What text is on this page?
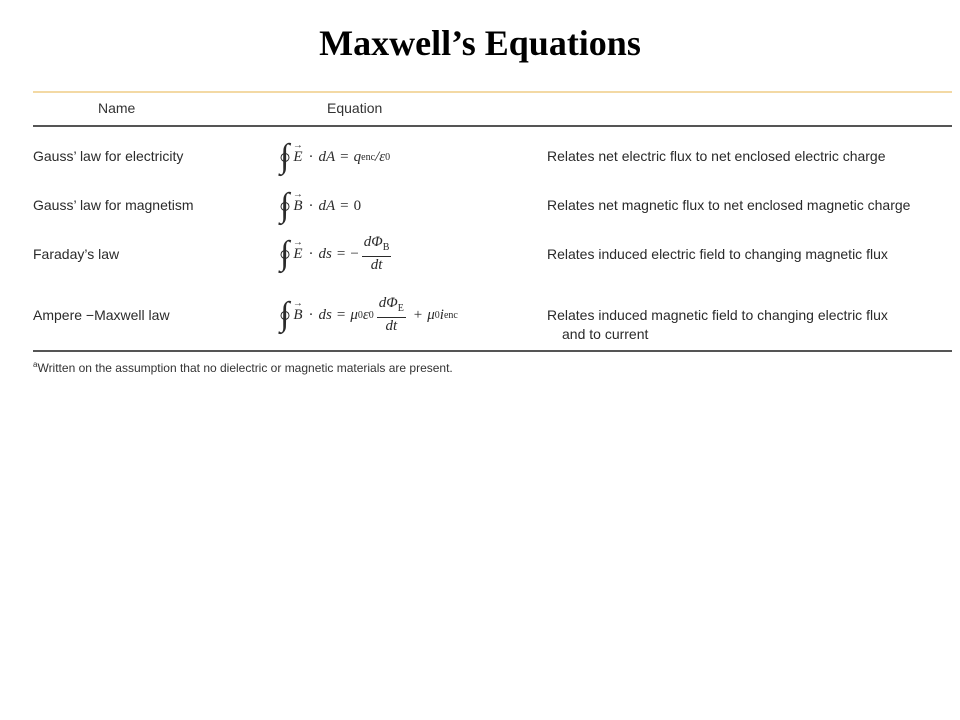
Maxwell’s Equations
Name	Equation
Gauss’ law for electricity	∫ → E · dA = q enc /ε 0	Relates net electric flux to net enclosed electric charge
Gauss’ law for magnetism	∫ → B · dA = 0	Relates net magnetic flux to net enclosed magnetic charge
Faraday’s law	∫ → E · ds = − $\frac{d\Phi_B}{dt}$	Relates induced electric field to changing magnetic flux
Ampere −Maxwell law	∫ → B · ds = μ 0 ε $0 \frac{d\Phi_E}{dt} + \mu$ 0 i enc	Relates induced magnetic field to changing electric flux
and to current
$^a$Written on the assumption that no dielectric or magnetic materials are present.
